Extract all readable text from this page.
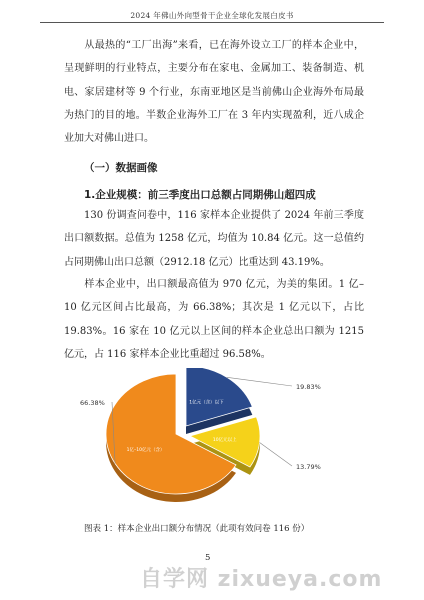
2024 年佛山外向型骨干企业全球化发展白皮书

从最热的“工厂出海”来看，已在海外设立工厂的样本企业中，呈现鲜明的行业特点，主要分布在家电、金属加工、装备制造、机电、家居建材等 9 个行业，东南亚地区是当前佛山企业海外布局最为热门的目的地。半数企业海外工厂在 3 年内实现盈利，近八成企业加大对佛山进口。

（一）数据画像
1.企业规模：前三季度出口总额占同期佛山超四成

130 份调查问卷中，116 家样本企业提供了 2024 年前三季度出口额数据。总值为 1258 亿元，均值为 10.84 亿元。这一总值约占同期佛山出口总额（2912.18 亿元）比重达到 43.19%。

样本企业中，出口额最高值为 970 亿元，为美的集团。1 亿–10 亿元区间占比最高，为 66.38%；其次是 1 亿元以下，占比 19.83%。16 家在 10 亿元以上区间的样本企业总出口额为 1215 亿元，占 116 家样本企业比重超过 96.58%。

1亿–10亿元（含）
1亿元（含）以下
10亿元以上
66.38%
19.83%
13.79%
图表 1：样本企业出口额分布情况（此项有效问卷 116 份）
5
自学网 zixueya.com
